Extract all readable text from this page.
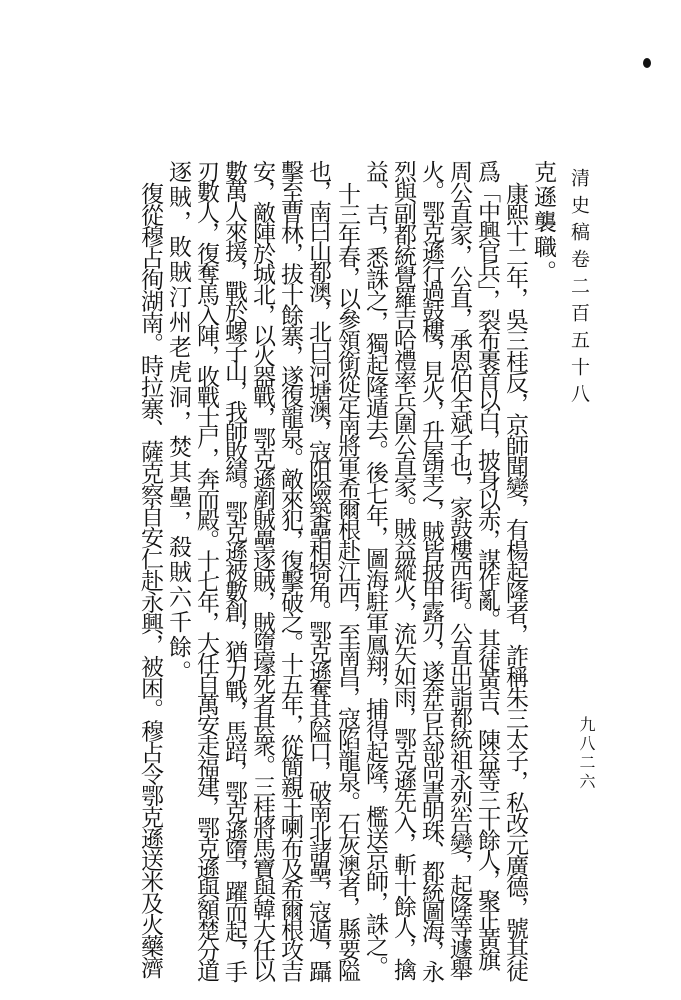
清史稿卷二百五十八
九八二六
克遜襲職。
康熙十二年，吳三桂反，京師聞變，有楊起隆者，詐稱朱三太子，私改元廣德，號其徒
爲「中興官兵」，裂布裹首以白，披身以赤，謀作亂。其徒黃吉、陳益等三十餘人，聚正黃旗
周公直家，公直，承恩伯全斌子也，家鼓樓西街。公直出詣都統祖永烈告變，起隆等遽舉
火。鄂克遜行過鼓樓，見火，升屋望之，賊皆披甲露刃，遂奔告兵部尚書明珠、都統圖海，永
烈與副都統覺羅吉哈禮率兵圍公直家。賊益縱火，流矢如雨，鄂克遜先入，斬十餘人，擒
益、吉，悉誅之，獨起隆遁去。後七年，圖海駐軍鳳翔，捕得起隆，檻送京師，誅之。
十三年春，以參領銜從定南將軍希爾根赴江西，至南昌，寇陷龍泉。石灰澳者，縣要隘
也，南曰山都澳，北曰河塘澳，寇阻險築壘相犄角。鄂克遜奪其隘口，破南北諸壘，寇遁，躡
擊至曹林，拔十餘寨，遂復龍泉。敵來犯，復擊破之。十五年，從簡親王喇布及希爾根攻吉
安，敵陣於城北，以火器戰，鄂克遜剷賊壘逐賊，賊墮壕死者甚衆。三桂將馬寶與韓大任以
數萬人來援，戰於螺子山，我師敗績。鄂克遜被數創，猶力戰，馬踣，鄂克遜墮，躍而起，手
刃數人，復奪馬入陣，收戰士尸，奔而殿。十七年，大任自萬安走福建，鄂克遜與額楚分道
逐賊，敗賊汀州老虎洞，焚其壘，殺賊六千餘。
復從穆占徇湖南。時拉寨、薩克察自安仁赴永興，被困。穆占令鄂克遜送米及火藥濟
